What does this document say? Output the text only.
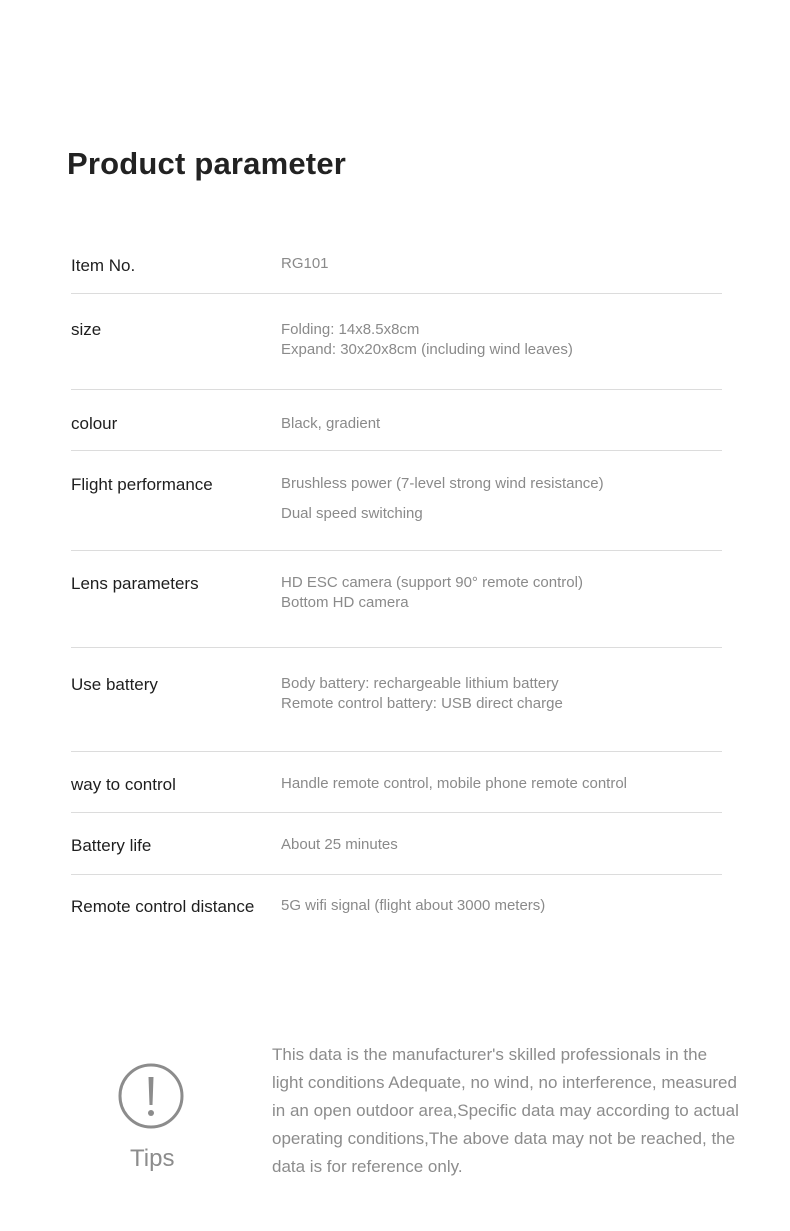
Product parameter
Item No.	RG101
size	Folding: 14x8.5x8cm
Expand: 30x20x8cm (including wind leaves)
colour	Black, gradient
Flight performance	Brushless power (7-level strong wind resistance)
Dual speed switching
Lens parameters	HD ESC camera (support 90° remote control)
Bottom HD camera
Use battery	Body battery: rechargeable lithium battery
Remote control battery: USB direct charge
way to control	Handle remote control, mobile phone remote control
Battery life	About 25 minutes
Remote control distance 5G wifi signal (flight about 3000 meters)
Tips
This data is the manufacturer's skilled professionals in the light conditions Adequate, no wind, no interference, measured in an open outdoor area,Specific data may according to actual operating conditions,The above data may not be reached, the data is for reference only.
